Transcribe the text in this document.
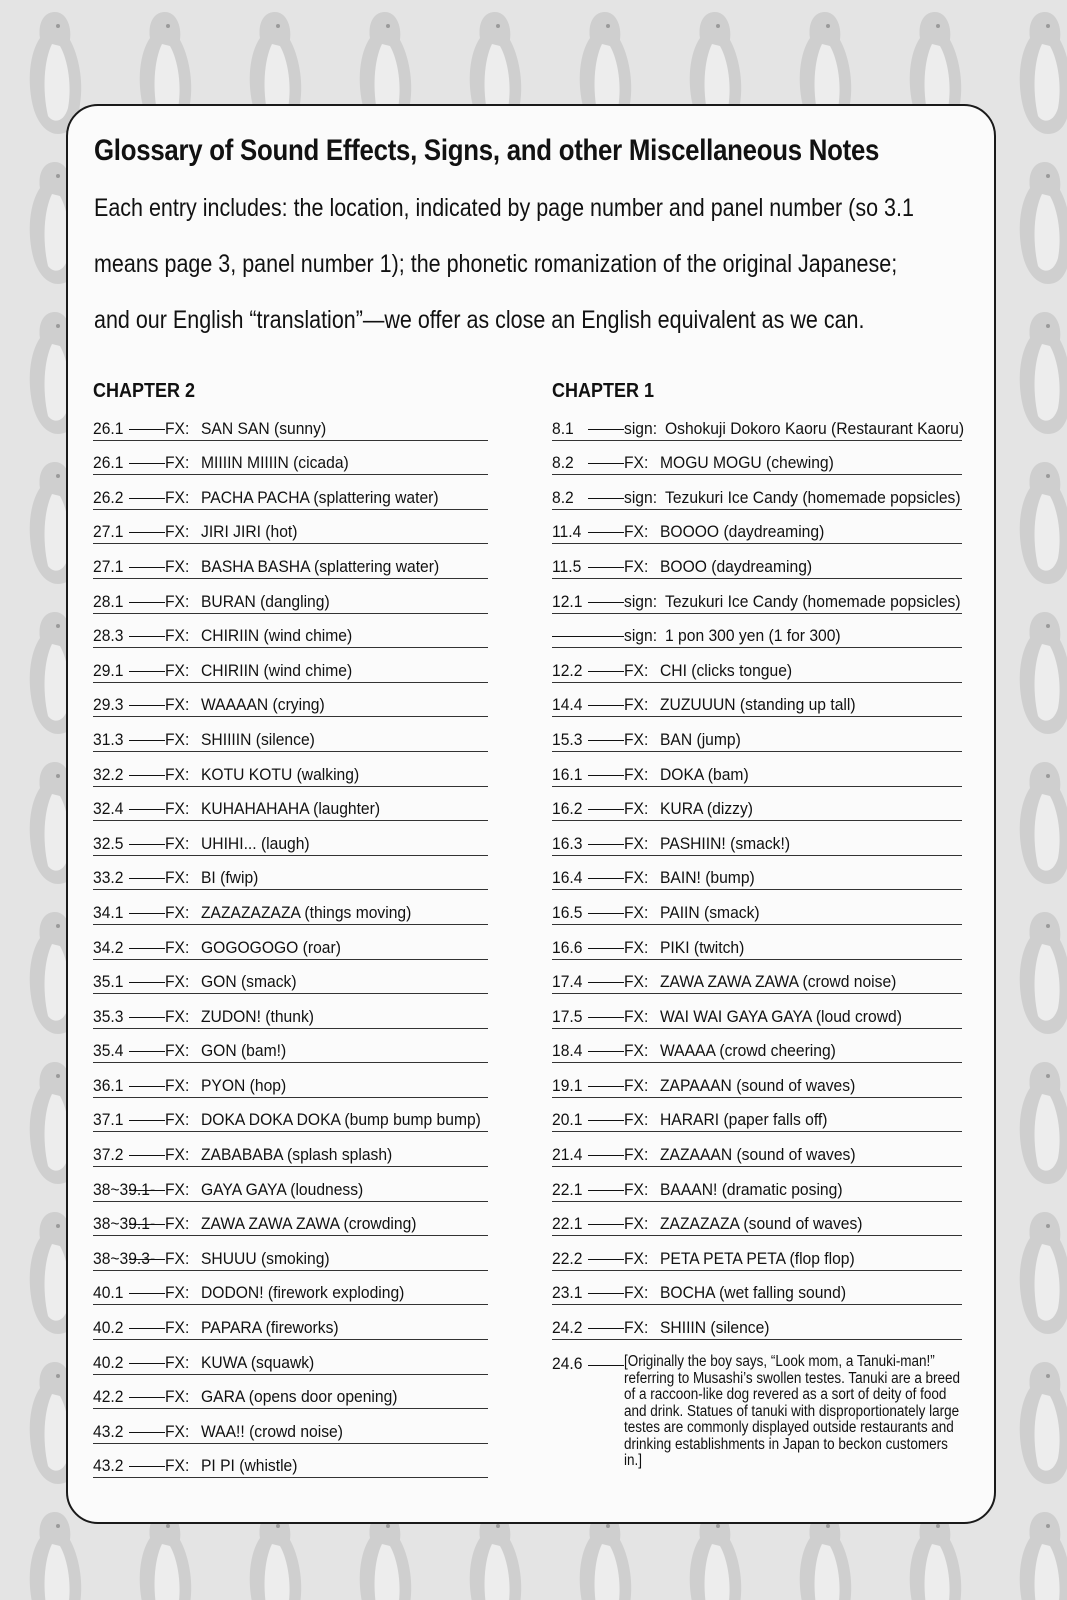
Glossary of Sound Effects, Signs, and other Miscellaneous Notes
Each entry includes: the location, indicated by page number and panel number (so 3.1
means page 3, panel number 1); the phonetic romanization of the original Japanese;
and our English “translation”—we offer as close an English equivalent as we can.
CHAPTER 2
26.1 FX: SAN SAN (sunny)
26.1 FX: MIIIIN MIIIIN (cicada)
26.2 FX: PACHA PACHA (splattering water)
27.1 FX: JIRI JIRI (hot)
27.1 FX: BASHA BASHA (splattering water)
28.1 FX: BURAN (dangling)
28.3 FX: CHIRIIN (wind chime)
29.1 FX: CHIRIIN (wind chime)
29.3 FX: WAAAAN (crying)
31.3 FX: SHIIIIN (silence)
32.2 FX: KOTU KOTU (walking)
32.4 FX: KUHAHAHAHA (laughter)
32.5 FX: UHIHI... (laugh)
33.2 FX: BI (fwip)
34.1 FX: ZAZAZAZAZA (things moving)
34.2 FX: GOGOGOGO (roar)
35.1 FX: GON (smack)
35.3 FX: ZUDON! (thunk)
35.4 FX: GON (bam!)
36.1 FX: PYON (hop)
37.1 FX: DOKA DOKA DOKA (bump bump bump)
37.2 FX: ZABABABA (splash splash)
38~39.1- FX: GAYA GAYA (loudness)
38~39.1- FX: ZAWA ZAWA ZAWA (crowding)
38~39.3- FX: SHUUU (smoking)
40.1 FX: DODON! (firework exploding)
40.2 FX: PAPARA (fireworks)
40.2 FX: KUWA (squawk)
42.2 FX: GARA (opens door opening)
43.2 FX: WAA!! (crowd noise)
43.2 FX: PI PI (whistle)
CHAPTER 1
8.1	sign: Oshokuji Dokoro Kaoru (Restaurant Kaoru)
8.2	FX: MOGU MOGU (chewing)
8.2	sign: Tezukuri Ice Candy (homemade popsicles)
11.4	FX: BOOOO (daydreaming)
11.5	FX: BOOO (daydreaming)
12.1 sign: Tezukuri Ice Candy (homemade popsicles)
sign: 1 pon 300 yen (1 for 300)
12.2 FX: CHI (clicks tongue)
14.4 FX: ZUZUUUN (standing up tall)
15.3 FX: BAN (jump)
16.1 FX: DOKA (bam)
16.2 FX: KURA (dizzy)
16.3 FX: PASHIIN! (smack!)
16.4 FX: BAIN! (bump)
16.5 FX: PAIIN (smack)
16.6 FX: PIKI (twitch)
17.4 FX: ZAWA ZAWA ZAWA (crowd noise)
17.5 FX: WAI WAI GAYA GAYA (loud crowd)
18.4 FX: WAAAA (crowd cheering)
19.1 FX: ZAPAAAN (sound of waves)
20.1 FX: HARARI (paper falls off)
21.4 FX: ZAZAAAN (sound of waves)
22.1 FX: BAAAN! (dramatic posing)
22.1 FX: ZAZAZAZA (sound of waves)
22.2 FX: PETA PETA PETA (flop flop)
23.1 FX: BOCHA (wet falling sound)
24.2 FX: SHIIIN (silence)
24.6	[Originally the boy says, “Look mom, a Tanuki-man!” referring to Musashi’s swollen testes. Tanuki are a breed of a raccoon-like dog revered as a sort of deity of food and drink. Statues of tanuki with disproportionately large testes are commonly displayed outside restaurants and drinking establishments in Japan to beckon customers in.]
